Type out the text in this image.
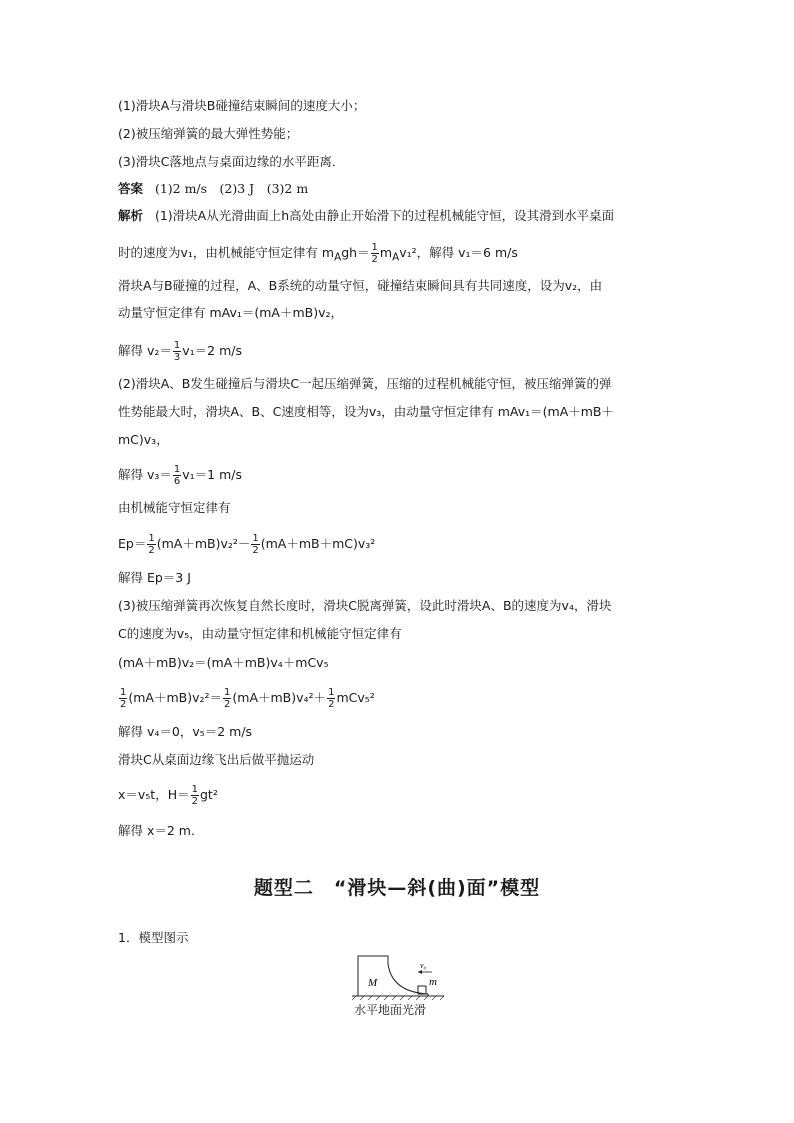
(1)滑块A与滑块B碰撞结束瞬间的速度大小；
(2)被压缩弹簧的最大弹性势能；
(3)滑块C落地点与桌面边缘的水平距离．
答案 (1)2 m/s　(2)3 J　(3)2 m
解析 (1)滑块A从光滑曲面上h高处由静止开始滑下的过程机械能守恒，设其滑到水平桌面
时的速度为v₁，由机械能守恒定律有 $m_Agh= \frac{1}{2} m_Av_1^2$，解得 v₁＝6 m/s
滑块A与B碰撞的过程，A、B系统的动量守恒，碰撞结束瞬间具有共同速度，设为v₂，由
动量守恒定律有 mAv₁＝(mA＋mB)v₂，
解得 $v_2= \frac{1}{3} v_1=2$ m/s
(2)滑块A、B发生碰撞后与滑块C一起压缩弹簧，压缩的过程机械能守恒，被压缩弹簧的弹
性势能最大时，滑块A、B、C速度相等，设为v₃，由动量守恒定律有 mAv₁＝(mA＋mB＋
mC)v₃，
解得 $v_3= \frac{1}{6} v_1=1$ m/s
由机械能守恒定律有
$Ep= \frac{1}{2} (mA+mB)v_2^2- \frac{1}{2} (mA+mB+mC)v_3^2$
解得 Ep＝3 J
(3)被压缩弹簧再次恢复自然长度时，滑块C脱离弹簧，设此时滑块A、B的速度为v₄，滑块
C的速度为v₅，由动量守恒定律和机械能守恒定律有
(mA＋mB)v₂＝(mA＋mB)v₄＋mCv₅
$\frac{1}{2} (mA+mB)v_2^2= \frac{1}{2} (mA+mB)v_4^2+ \frac{1}{2} mCv_5^2$
解得 v₄＝0，v₅＝2 m/s
滑块C从桌面边缘飞出后做平抛运动
x＝v₅t，$H= \frac{1}{2} gt^2$
解得 x＝2 m.
题型二　“滑块—斜(曲)面”模型
1．模型图示
M	m
v₀
水平地面光滑
